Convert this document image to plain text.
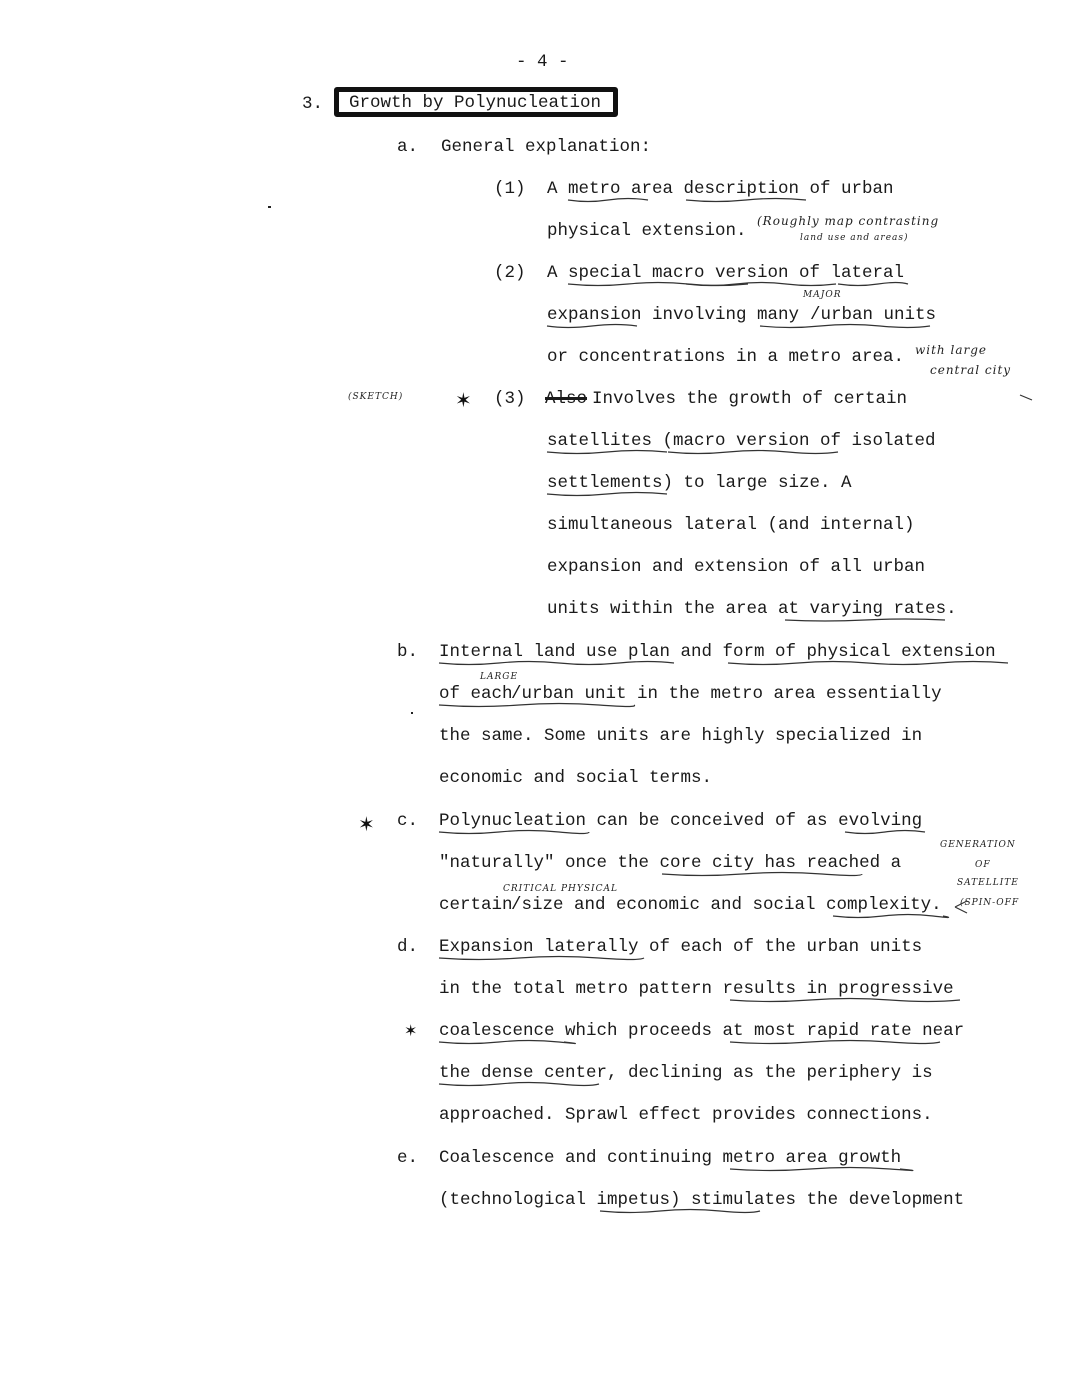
- 4 -
3. Growth by Polynucleation
a. General explanation:
(1) A metro area description of urban
physical extension. (Roughly map contrasting
land use and areas)
(2) A special macro version of lateral
MAJOR
expansion involving many /urban units
or concentrations in a metro area. with large
central city
(SKETCH)	✶ (3) Also Involves the growth of certain
satellites (macro version of isolated
settlements) to large size. A
simultaneous lateral (and internal)
expansion and extension of all urban
units within the area at varying rates.
b. Internal land use plan and form of physical extension
LARGE
of each
/urban unit in the metro area essentially
the same. Some units are highly specialized in
economic and social terms.
✶ c. Polynucleation can be conceived of as evolving
"naturally" once the core city has reached a
CRITICAL PHYSICAL
certain
/size and economic and social complexity.
GENERATION
OF
SATELLITE
(SPIN-OFF
d. Expansion laterally of each of the urban units
in the total metro pattern results in progressive
✶ coalescence which proceeds at most rapid rate near
the dense center, declining as the periphery is
approached. Sprawl effect provides connections.
e. Coalescence and continuing metro area growth
(technological impetus) stimulates the development
